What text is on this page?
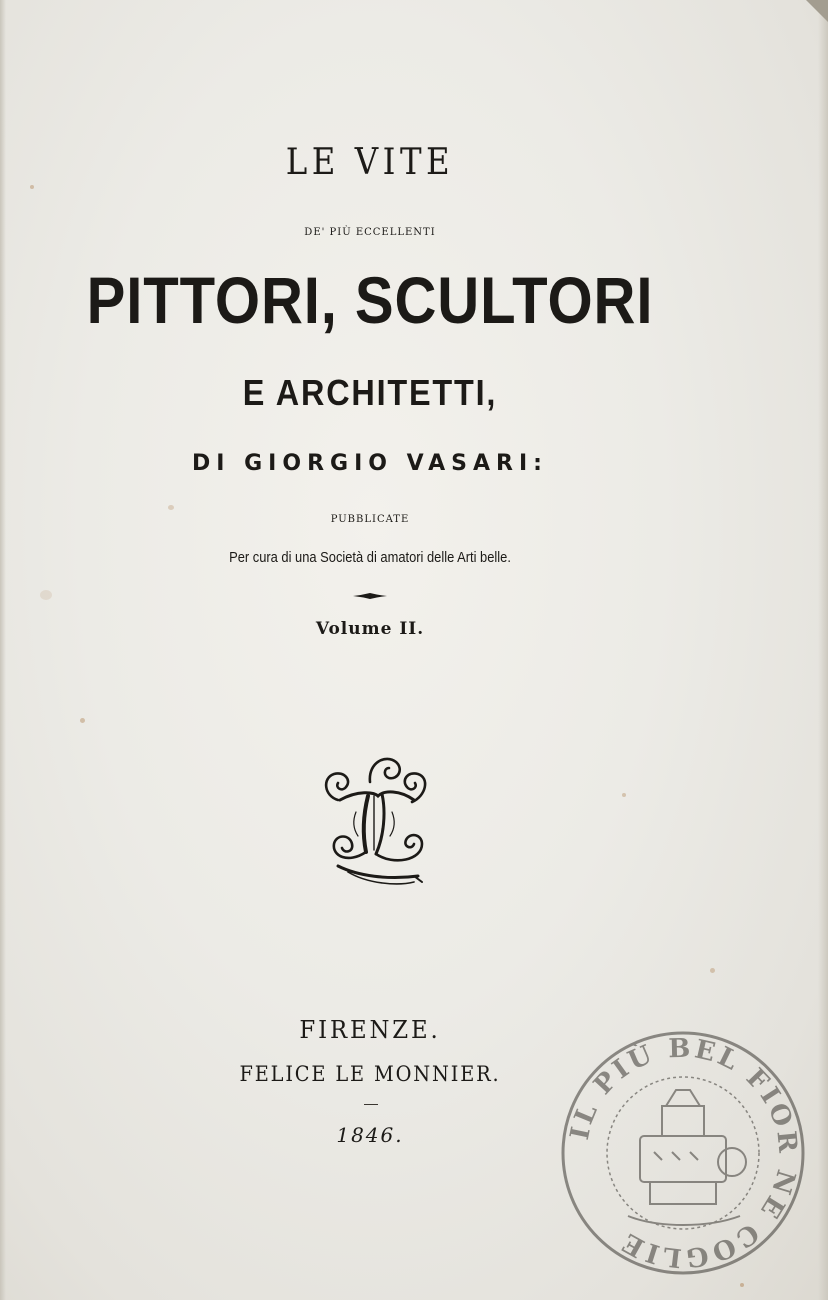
LE VITE
DE' PIÙ ECCELLENTI
PITTORI, SCULTORI
E ARCHITETTI,
DI GIORGIO VASARI:
PUBBLICATE
Per cura di una Società di amatori delle Arti belle.
Volume II.
FIRENZE.
FELICE LE MONNIER.
1846.	IL PIÙ BEL FIOR NE COGLIE
